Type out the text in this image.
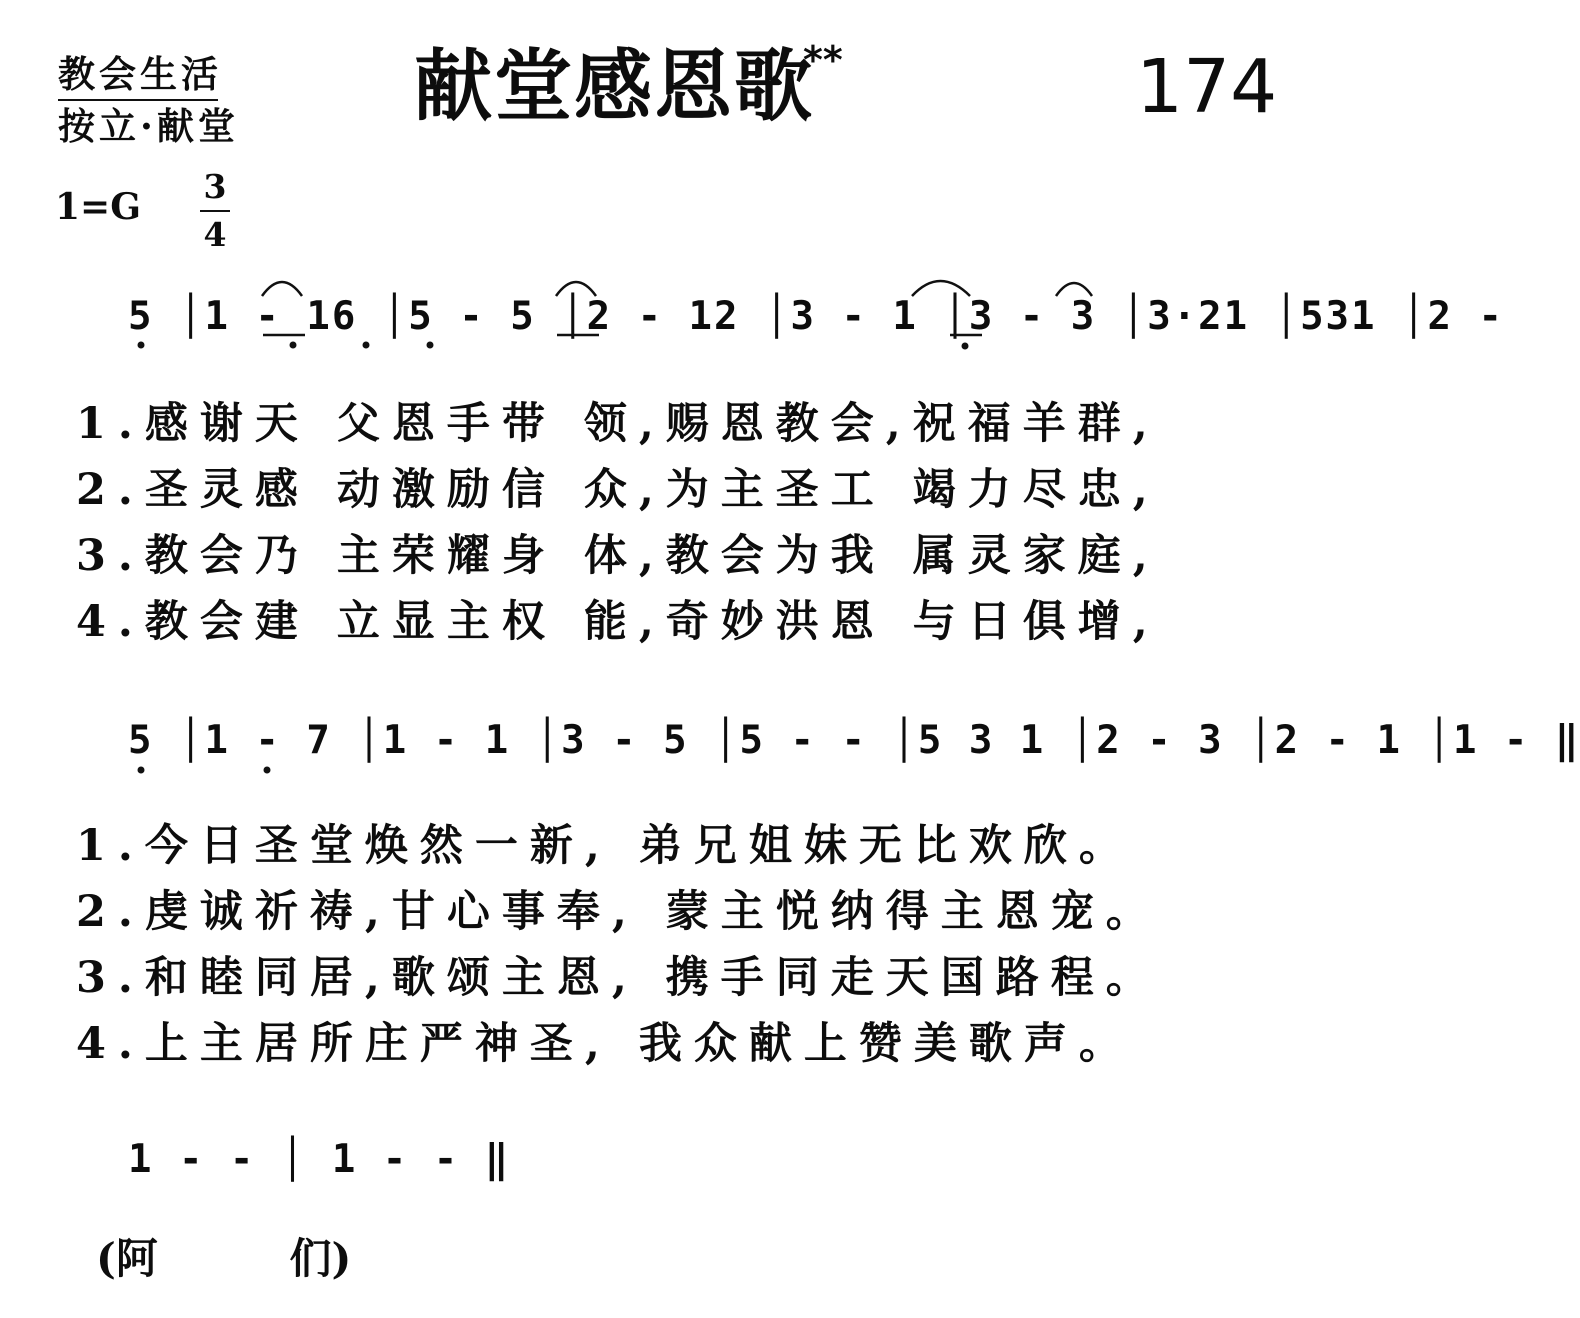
教会生活
按立·献堂 献堂感恩歌
**	174
1=G 3
4
5 │1 - 16 │5 - 5 │2 - 12 │3 - 1 │3 - 3 │3·21 │531 │2 -
1.感谢天 父恩手带 领,赐恩教会,祝福羊群,
2.圣灵感 动激励信 众,为主圣工 竭力尽忠,
3.教会乃 主荣耀身 体,教会为我 属灵家庭,
4.教会建 立显主权 能,奇妙洪恩 与日俱增,
5 │1 - 7 │1 - 1 │3 - 5 │5 - - │5 3 1 │2 - 3 │2 - 1 │1 - ‖
1.今日圣堂焕然一新, 弟兄姐妹无比欢欣。
2.虔诚祈祷,甘心事奉, 蒙主悦纳得主恩宠。
3.和睦同居,歌颂主恩, 携手同走天国路程。
4.上主居所庄严神圣, 我众献上赞美歌声。
1 - - │ 1 - - ‖
(阿         们)
